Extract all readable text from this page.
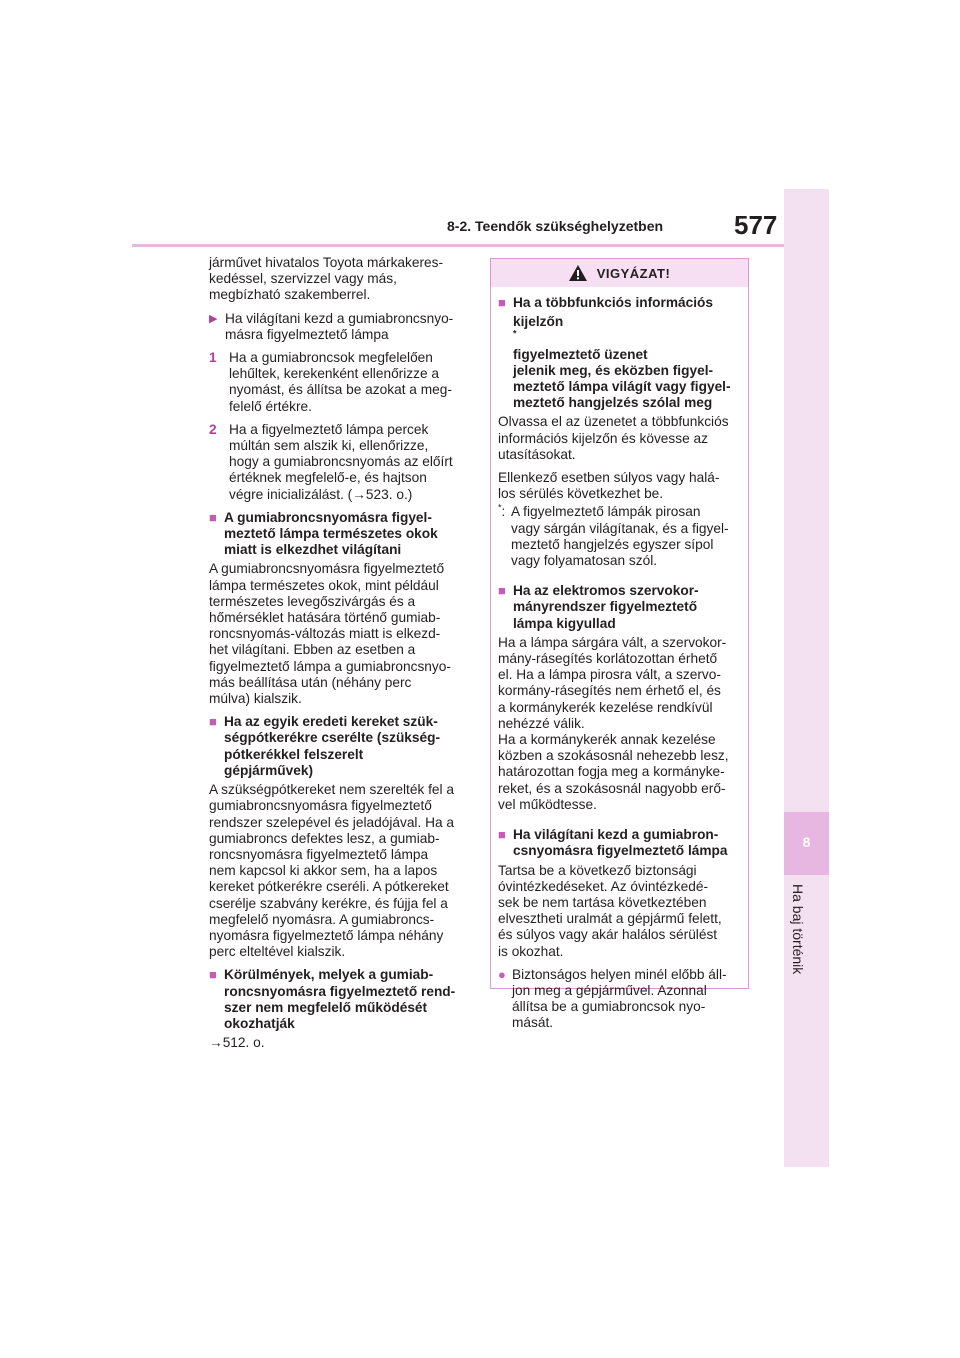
8
Ha baj történik
8-2. Teendők szükséghelyzetben	577

járművet hivatalos Toyota márkakeres-
kedéssel, szervizzel vagy más,
megbízható szakemberrel.

▶ Ha világítani kezd a gumiabroncsnyo-
másra figyelmeztető lámpa
1 Ha a gumiabroncsok megfelelően
lehűltek, kerekenként ellenőrizze a
nyomást, és állítsa be azokat a meg-
felelő értékre.
2 Ha a figyelmeztető lámpa percek
múltán sem alszik ki, ellenőrizze,
hogy a gumiabroncsnyomás az előírt
értéknek megfelelő-e, és hajtson
végre inicializálást. (→523. o.)
■ A gumiabroncsnyomásra figyel-
meztető lámpa természetes okok
miatt is elkezdhet világítani

A gumiabroncsnyomásra figyelmeztető
lámpa természetes okok, mint például
természetes levegőszivárgás és a
hőmérséklet hatására történő gumiab-
roncsnyomás-változás miatt is elkezd-
het világítani. Ebben az esetben a
figyelmeztető lámpa a gumiabroncsnyo-
más beállítása után (néhány perc
múlva) kialszik.

■ Ha az egyik eredeti kereket szük-
ségpótkerékre cserélte (szükség-
pótkerékkel felszerelt
gépjárművek)

A szükségpótkereket nem szerelték fel a
gumiabroncsnyomásra figyelmeztető
rendszer szelepével és jeladójával. Ha a
gumiabroncs defektes lesz, a gumiab-
roncsnyomásra figyelmeztető lámpa
nem kapcsol ki akkor sem, ha a lapos
kereket pótkerékre cseréli. A pótkereket
cserélje szabvány kerékre, és fújja fel a
megfelelő nyomásra. A gumiabroncs-
nyomásra figyelmeztető lámpa néhány
perc elteltével kialszik.

■ Körülmények, melyek a gumiab-
roncsnyomásra figyelmeztető rend-
szer nem megfelelő működését
okozhatják

→512. o.

VIGYÁZAT!
■ Ha a többfunkciós információs
kijelzőn
*
figyelmeztető üzenet
jelenik meg, és eközben figyel-
meztető lámpa világít vagy figyel-
meztető hangjelzés szólal meg

Olvassa el az üzenetet a többfunkciós
információs kijelzőn és kövesse az
utasításokat.

Ellenkező esetben súlyos vagy halá-
los sérülés következhet be.

*: A figyelmeztető lámpák pirosan
vagy sárgán világítanak, és a figyel-
meztető hangjelzés egyszer sípol
vagy folyamatosan szól.
■ Ha az elektromos szervokor-
mányrendszer figyelmeztető
lámpa kigyullad

Ha a lámpa sárgára vált, a szervokor-
mány-rásegítés korlátozottan érhető
el. Ha a lámpa pirosra vált, a szervo-
kormány-rásegítés nem érhető el, és
a kormánykerék kezelése rendkívül
nehézzé válik.
Ha a kormánykerék annak kezelése
közben a szokásosnál nehezebb lesz,
határozottan fogja meg a kormányke-
reket, és a szokásosnál nagyobb erő-
vel működtesse.

■ Ha világítani kezd a gumiabron-
csnyomásra figyelmeztető lámpa

Tartsa be a következő biztonsági
óvintézkedéseket. Az óvintézkedé-
sek be nem tartása következtében
elvesztheti uralmát a gépjármű felett,
és súlyos vagy akár halálos sérülést
is okozhat.

● Biztonságos helyen minél előbb áll-
jon meg a gépjárművel. Azonnal
állítsa be a gumiabroncsok nyo-
mását.
